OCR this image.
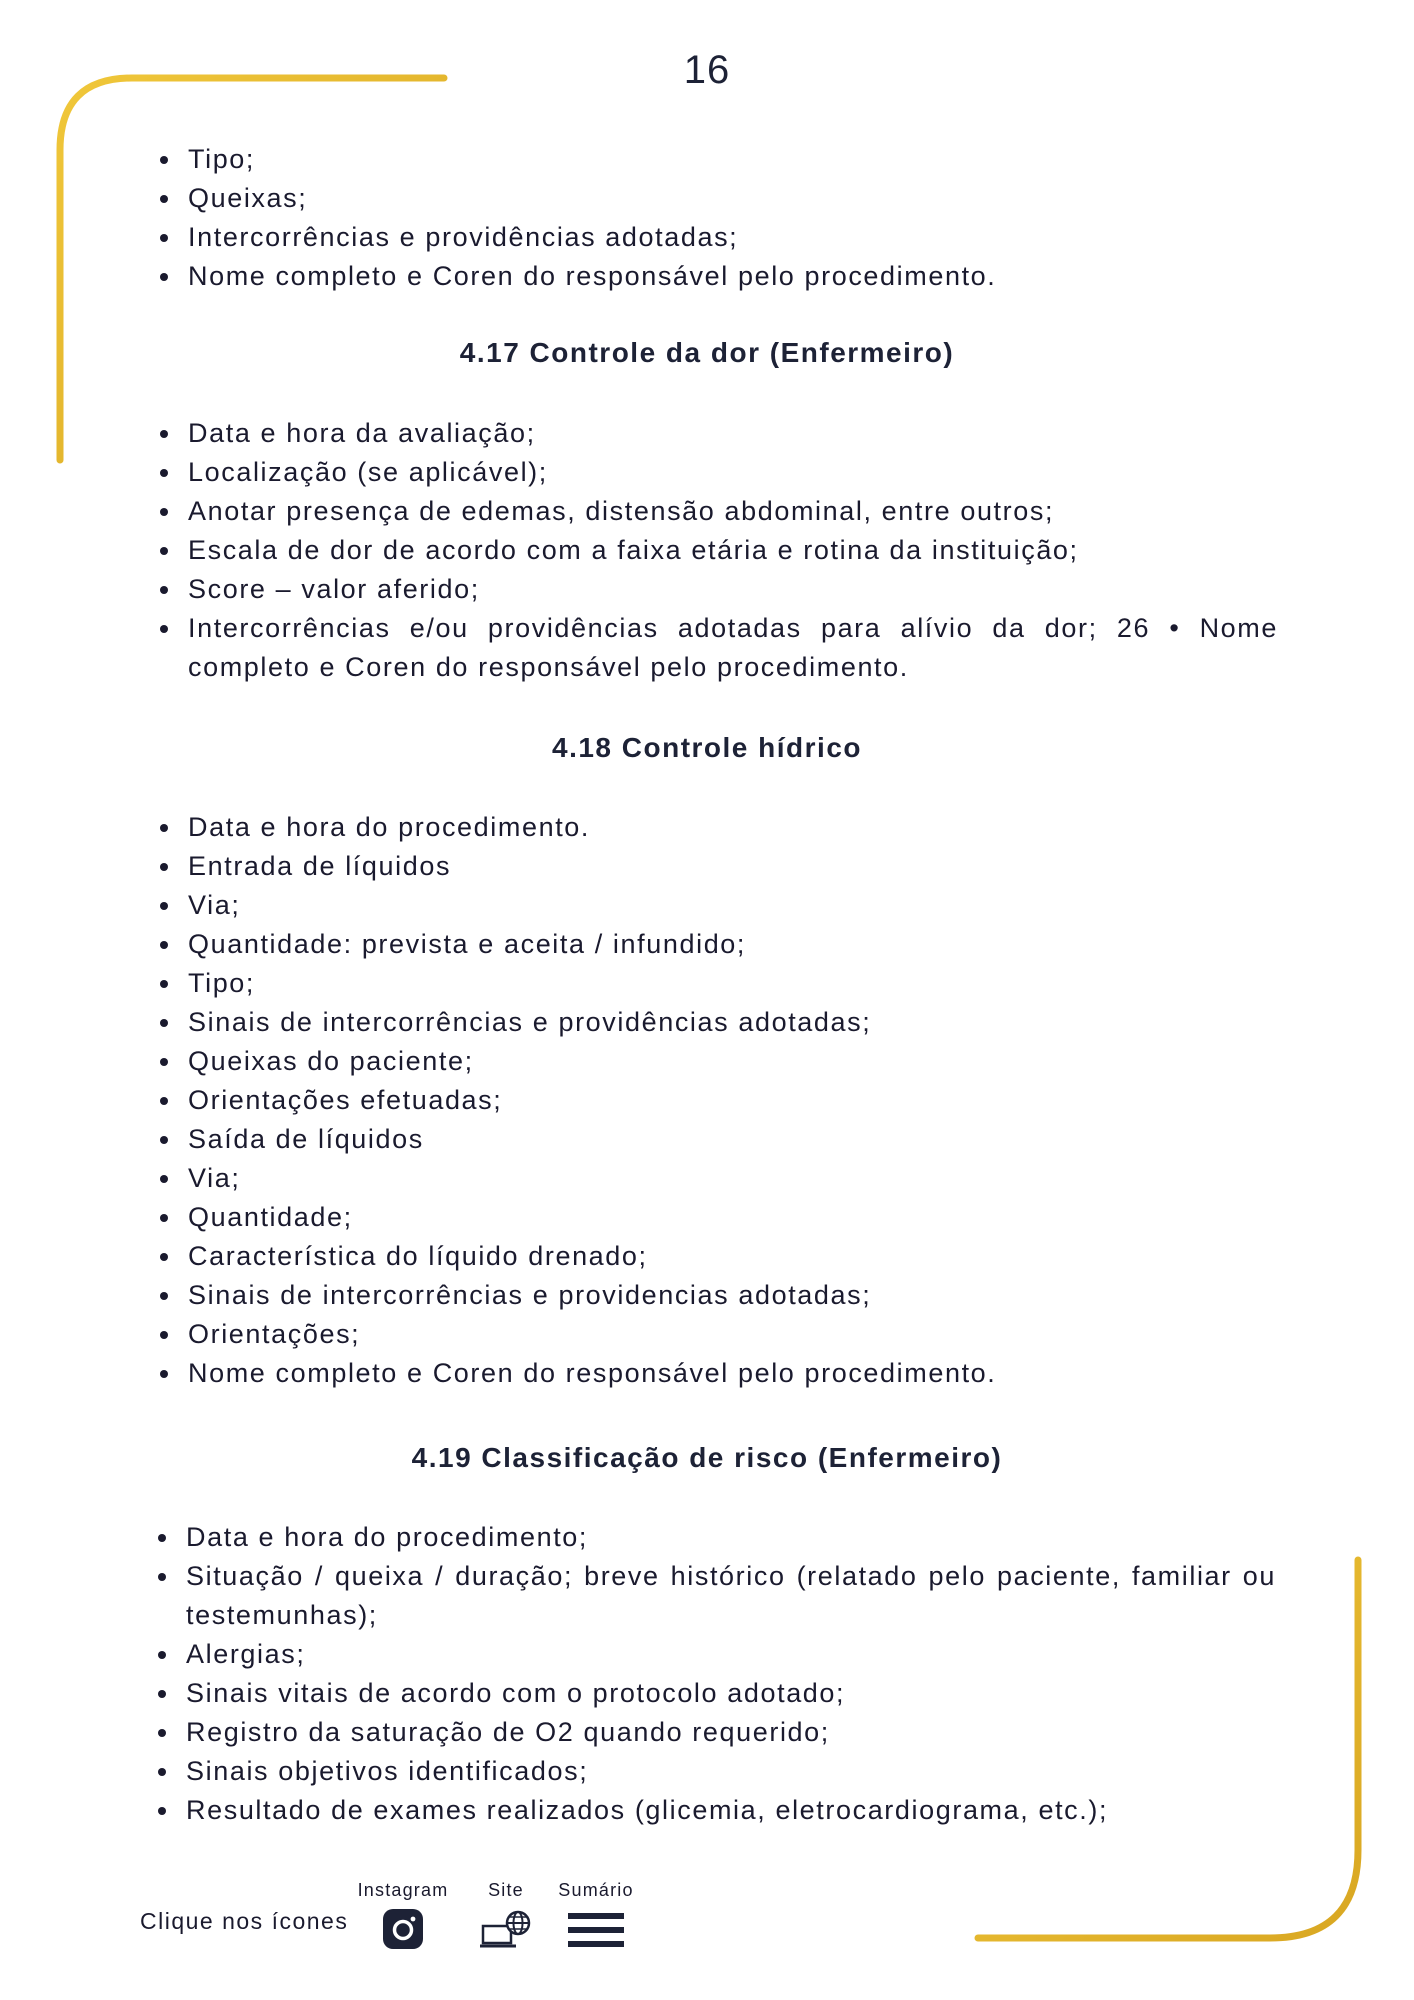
16
Tipo;
Queixas;
Intercorrências e providências adotadas;
Nome completo e Coren do responsável pelo procedimento.
4.17 Controle da dor (Enfermeiro)
Data e hora da avaliação;
Localização (se aplicável);
Anotar presença de edemas, distensão abdominal, entre outros;
Escala de dor de acordo com a faixa etária e rotina da instituição;
Score – valor aferido;
Intercorrências e/ou providências adotadas para alívio da dor; 26 • Nome completo e Coren do responsável pelo procedimento.
4.18 Controle hídrico
Data e hora do procedimento.
Entrada de líquidos
Via;
Quantidade: prevista e aceita / infundido;
Tipo;
Sinais de intercorrências e providências adotadas;
Queixas do paciente;
Orientações efetuadas;
Saída de líquidos
Via;
Quantidade;
Característica do líquido drenado;
Sinais de intercorrências e providencias adotadas;
Orientações;
Nome completo e Coren do responsável pelo procedimento.
4.19 Classificação de risco (Enfermeiro)
Data e hora do procedimento;
Situação / queixa / duração; breve histórico (relatado pelo paciente, familiar ou testemunhas);
Alergias;
Sinais vitais de acordo com o protocolo adotado;
Registro da saturação de O2 quando requerido;
Sinais objetivos identificados;
Resultado de exames realizados (glicemia, eletrocardiograma, etc.);
Clique nos ícones
Instagram	Site	Sumário
